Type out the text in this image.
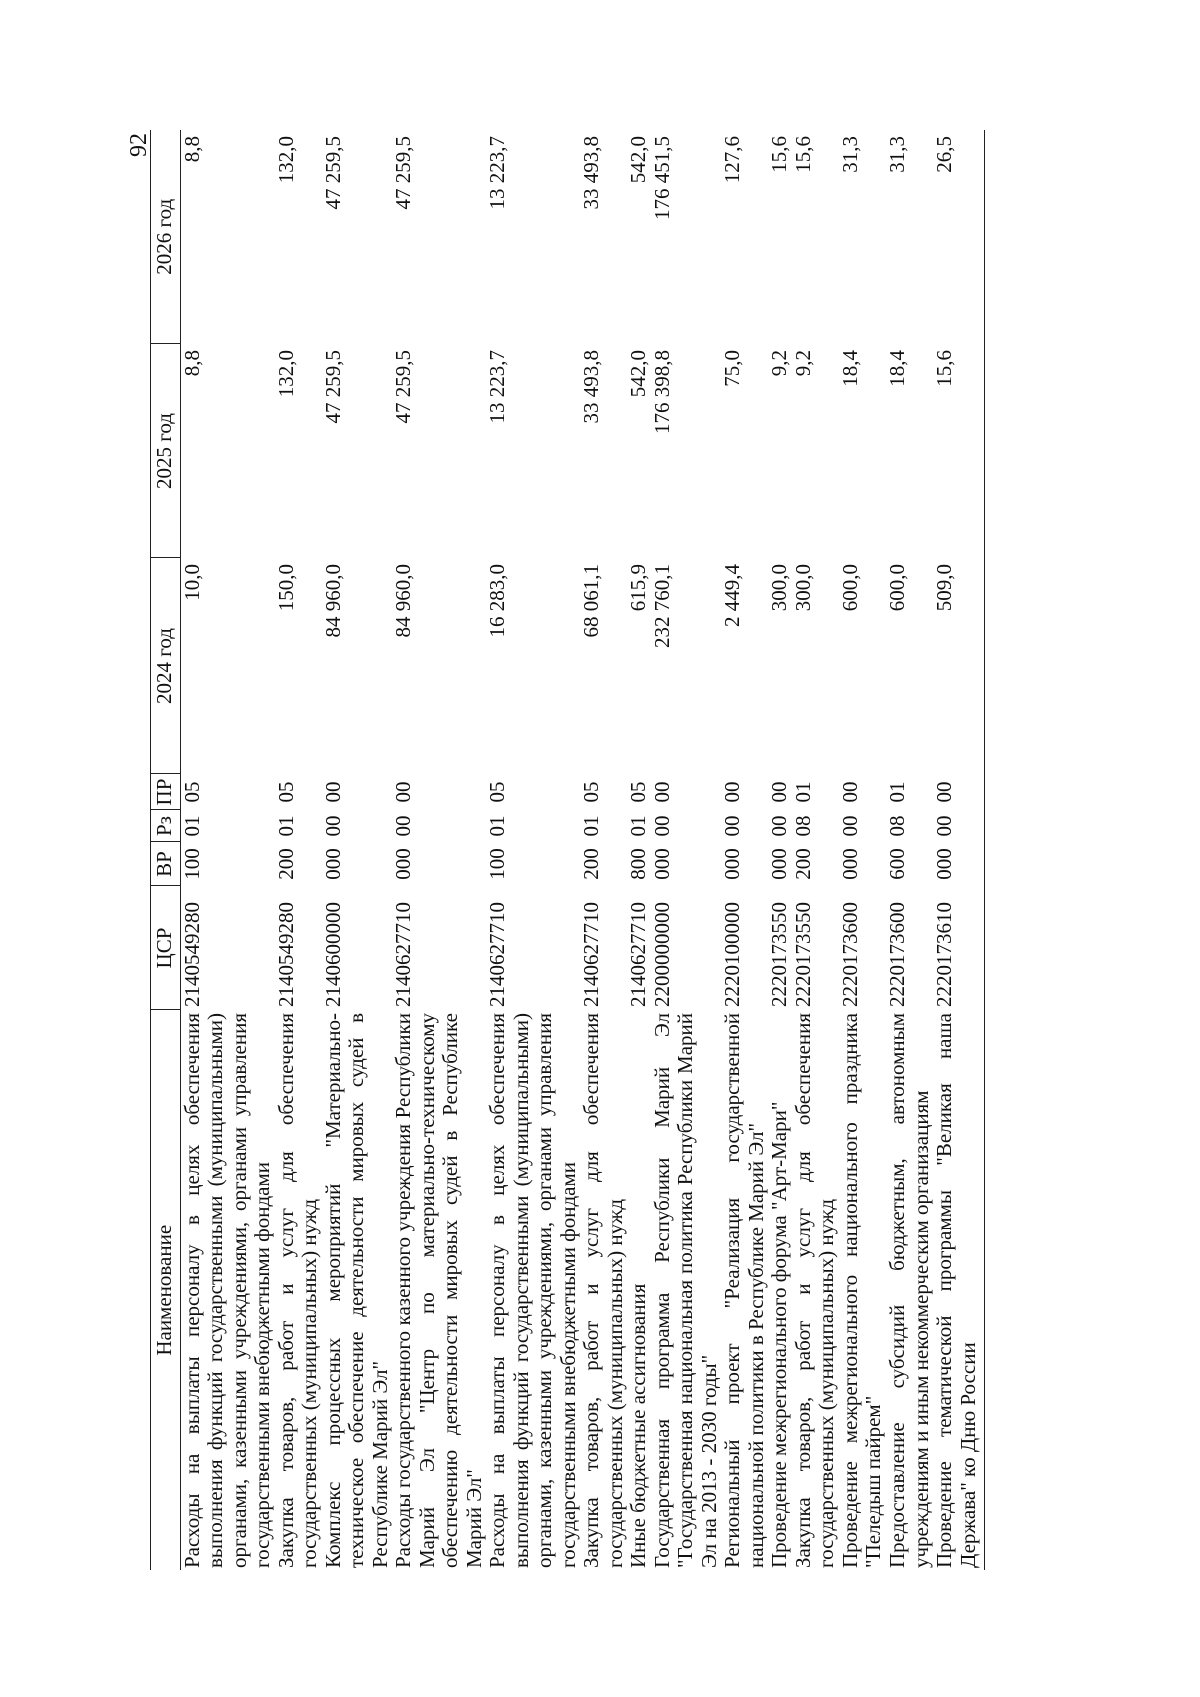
92
Наименование	ЦСР	ВР	Рз	ПР	2024 год	2025 год	2026 год
Расходы на выплаты персоналу в целях обеспечения выполнения функций государственными (муниципальными) органами, казенными учреждениями, органами управления государственными внебюджетными фондами	2140549280	100	01	05	10,0	8,8	8,8
Закупка товаров, работ и услуг для обеспечения государственных (муниципальных) нужд	2140549280	200	01	05	150,0	132,0	132,0
Комплекс процессных мероприятий "Материально-техническое обеспечение деятельности мировых судей в Республике Марий Эл"	2140600000	000	00	00	84 960,0	47 259,5	47 259,5
Расходы государственного казенного учреждения Республики Марий Эл "Центр по материально-техническому обеспечению деятельности мировых судей в Республике Марий Эл"	2140627710	000	00	00	84 960,0	47 259,5	47 259,5
Расходы на выплаты персоналу в целях обеспечения выполнения функций государственными (муниципальными) органами, казенными учреждениями, органами управления государственными внебюджетными фондами	2140627710	100	01	05	16 283,0	13 223,7	13 223,7
Закупка товаров, работ и услуг для обеспечения государственных (муниципальных) нужд	2140627710	200	01	05	68 061,1	33 493,8	33 493,8
Иные бюджетные ассигнования	2140627710	800	01	05	615,9	542,0	542,0
Государственная программа Республики Марий Эл "Государственная национальная политика Республики Марий Эл на 2013 - 2030 годы"	2200000000	000	00	00	232 760,1	176 398,8	176 451,5
Региональный проект "Реализация государственной национальной политики в Республике Марий Эл"	2220100000	000	00	00	2 449,4	75,0	127,6
Проведение межрегионального форума "Арт-Мари"	2220173550	000	00	00	300,0	9,2	15,6
Закупка товаров, работ и услуг для обеспечения государственных (муниципальных) нужд	2220173550	200	08	01	300,0	9,2	15,6
Проведение межрегионального национального праздника "Пеледыш пайрем"	2220173600	000	00	00	600,0	18,4	31,3
Предоставление субсидий бюджетным, автономным учреждениям и иным некоммерческим организациям	2220173600	600	08	01	600,0	18,4	31,3
Проведение тематической программы "Великая наша Держава" ко Дню России	2220173610	000	00	00	509,0	15,6	26,5
